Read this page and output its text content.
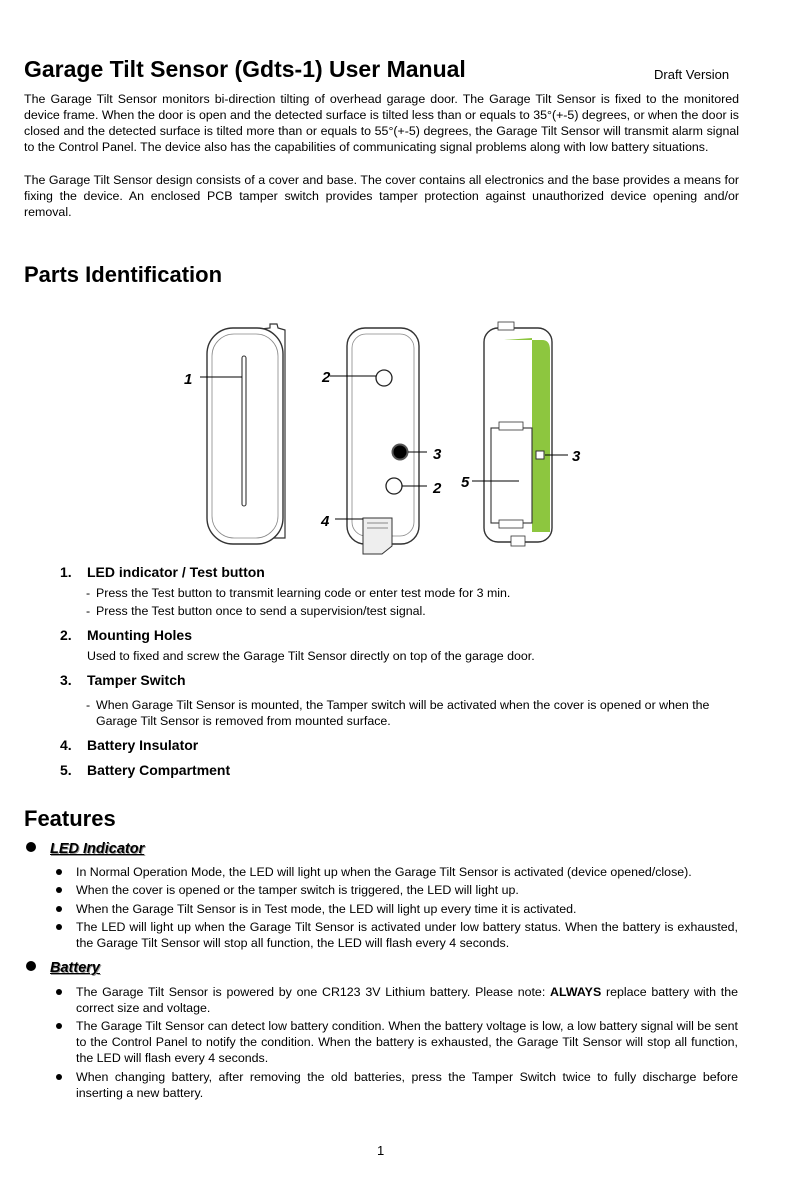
Garage Tilt Sensor (Gdts-1) User Manual	Draft Version

The Garage Tilt Sensor monitors bi-direction tilting of overhead garage door. The Garage Tilt Sensor is fixed to the monitored device frame. When the door is open and the detected surface is tilted less than or equals to 35°(+-5) degrees, or when the door is closed and the detected surface is tilted more than or equals to 55°(+-5) degrees, the Garage Tilt Sensor will transmit alarm signal to the Control Panel. The device also has the capabilities of communicating signal problems along with low battery situations.

The Garage Tilt Sensor design consists of a cover and base. The cover contains all electronics and the base provides a means for fixing the device. An enclosed PCB tamper switch provides tamper protection against unauthorized device opening and/or removal.

Parts Identification
1	2
3
2
4
3
5
1. LED indicator / Test button
- Press the Test button to transmit learning code or enter test mode for 3 min.
- Press the Test button once to send a supervision/test signal.
2. Mounting Holes
Used to fixed and screw the Garage Tilt Sensor directly on top of the garage door.
3. Tamper Switch
- When Garage Tilt Sensor is mounted, the Tamper switch will be activated when the cover is opened or when the Garage Tilt Sensor is removed from mounted surface.
4. Battery Insulator
5. Battery Compartment
Features
LED Indicator
In Normal Operation Mode, the LED will light up when the Garage Tilt Sensor is activated (device opened/close).
When the cover is opened or the tamper switch is triggered, the LED will light up.
When the Garage Tilt Sensor is in Test mode, the LED will light up every time it is activated.
The LED will light up when the Garage Tilt Sensor is activated under low battery status. When the battery is exhausted, the Garage Tilt Sensor will stop all function, the LED will flash every 4 seconds.
Battery
The Garage Tilt Sensor is powered by one CR123 3V Lithium battery. Please note: ALWAYS replace battery with the correct size and voltage.
The Garage Tilt Sensor can detect low battery condition. When the battery voltage is low, a low battery signal will be sent to the Control Panel to notify the condition. When the battery is exhausted, the Garage Tilt Sensor will stop all function, the LED will flash every 4 seconds.
When changing battery, after removing the old batteries, press the Tamper Switch twice to fully discharge before inserting a new battery.
1
